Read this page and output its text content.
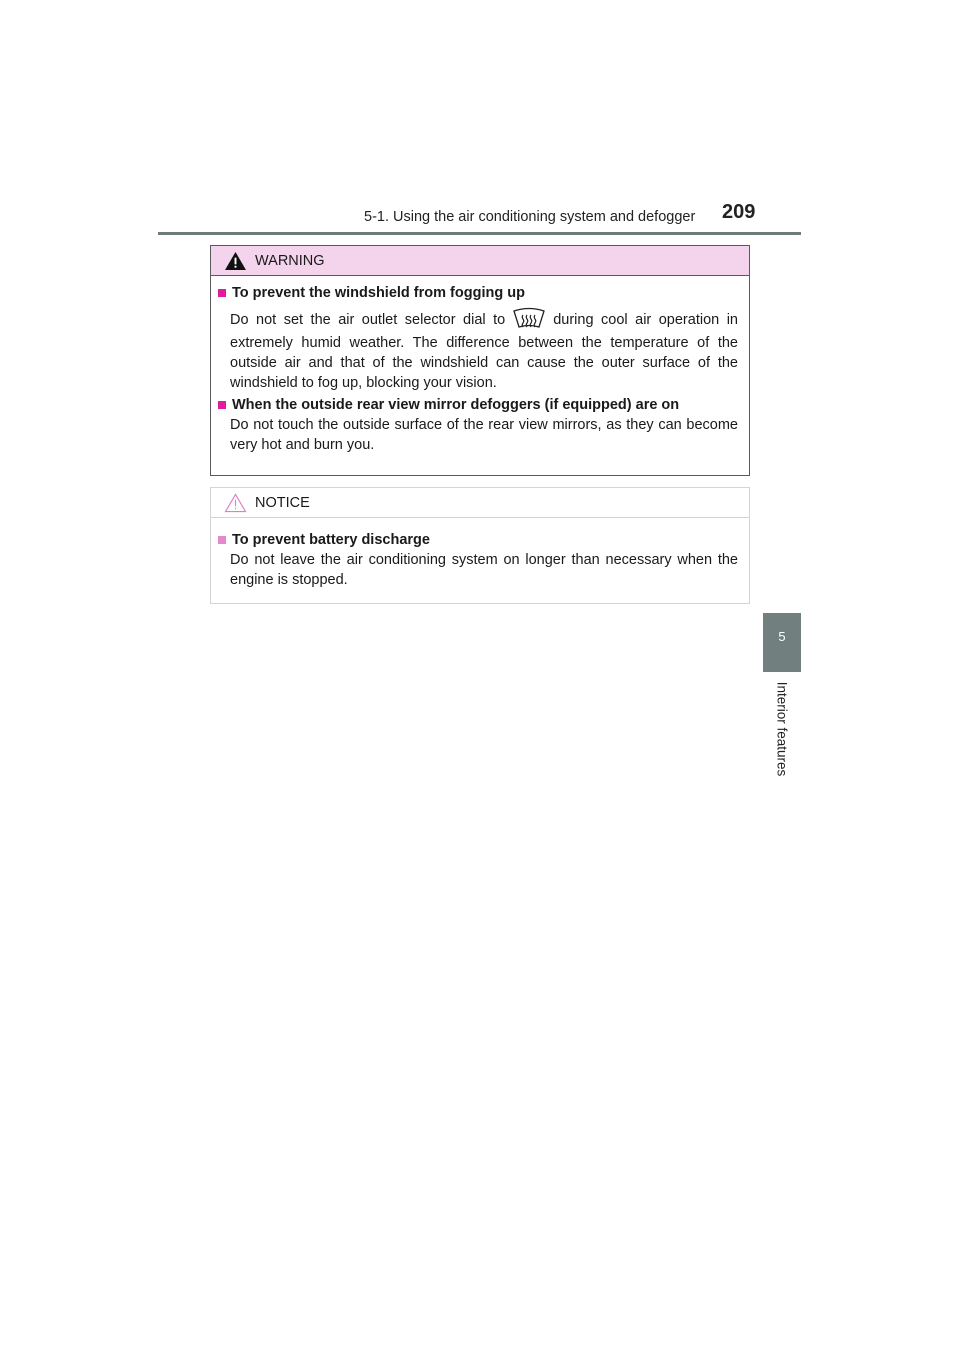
5-1. Using the air conditioning system and defogger 209
5
Interior features
WARNING
To prevent the windshield from fogging up
Do not set the air outlet selector dial to	during cool air operation in extremely humid weather. The difference between the temperature of the outside air and that of the windshield can cause the outer surface of the windshield to fog up, blocking your vision.
When the outside rear view mirror defoggers (if equipped) are on
Do not touch the outside surface of the rear view mirrors, as they can become very hot and burn you.
NOTICE
To prevent battery discharge
Do not leave the air conditioning system on longer than necessary when the engine is stopped.
